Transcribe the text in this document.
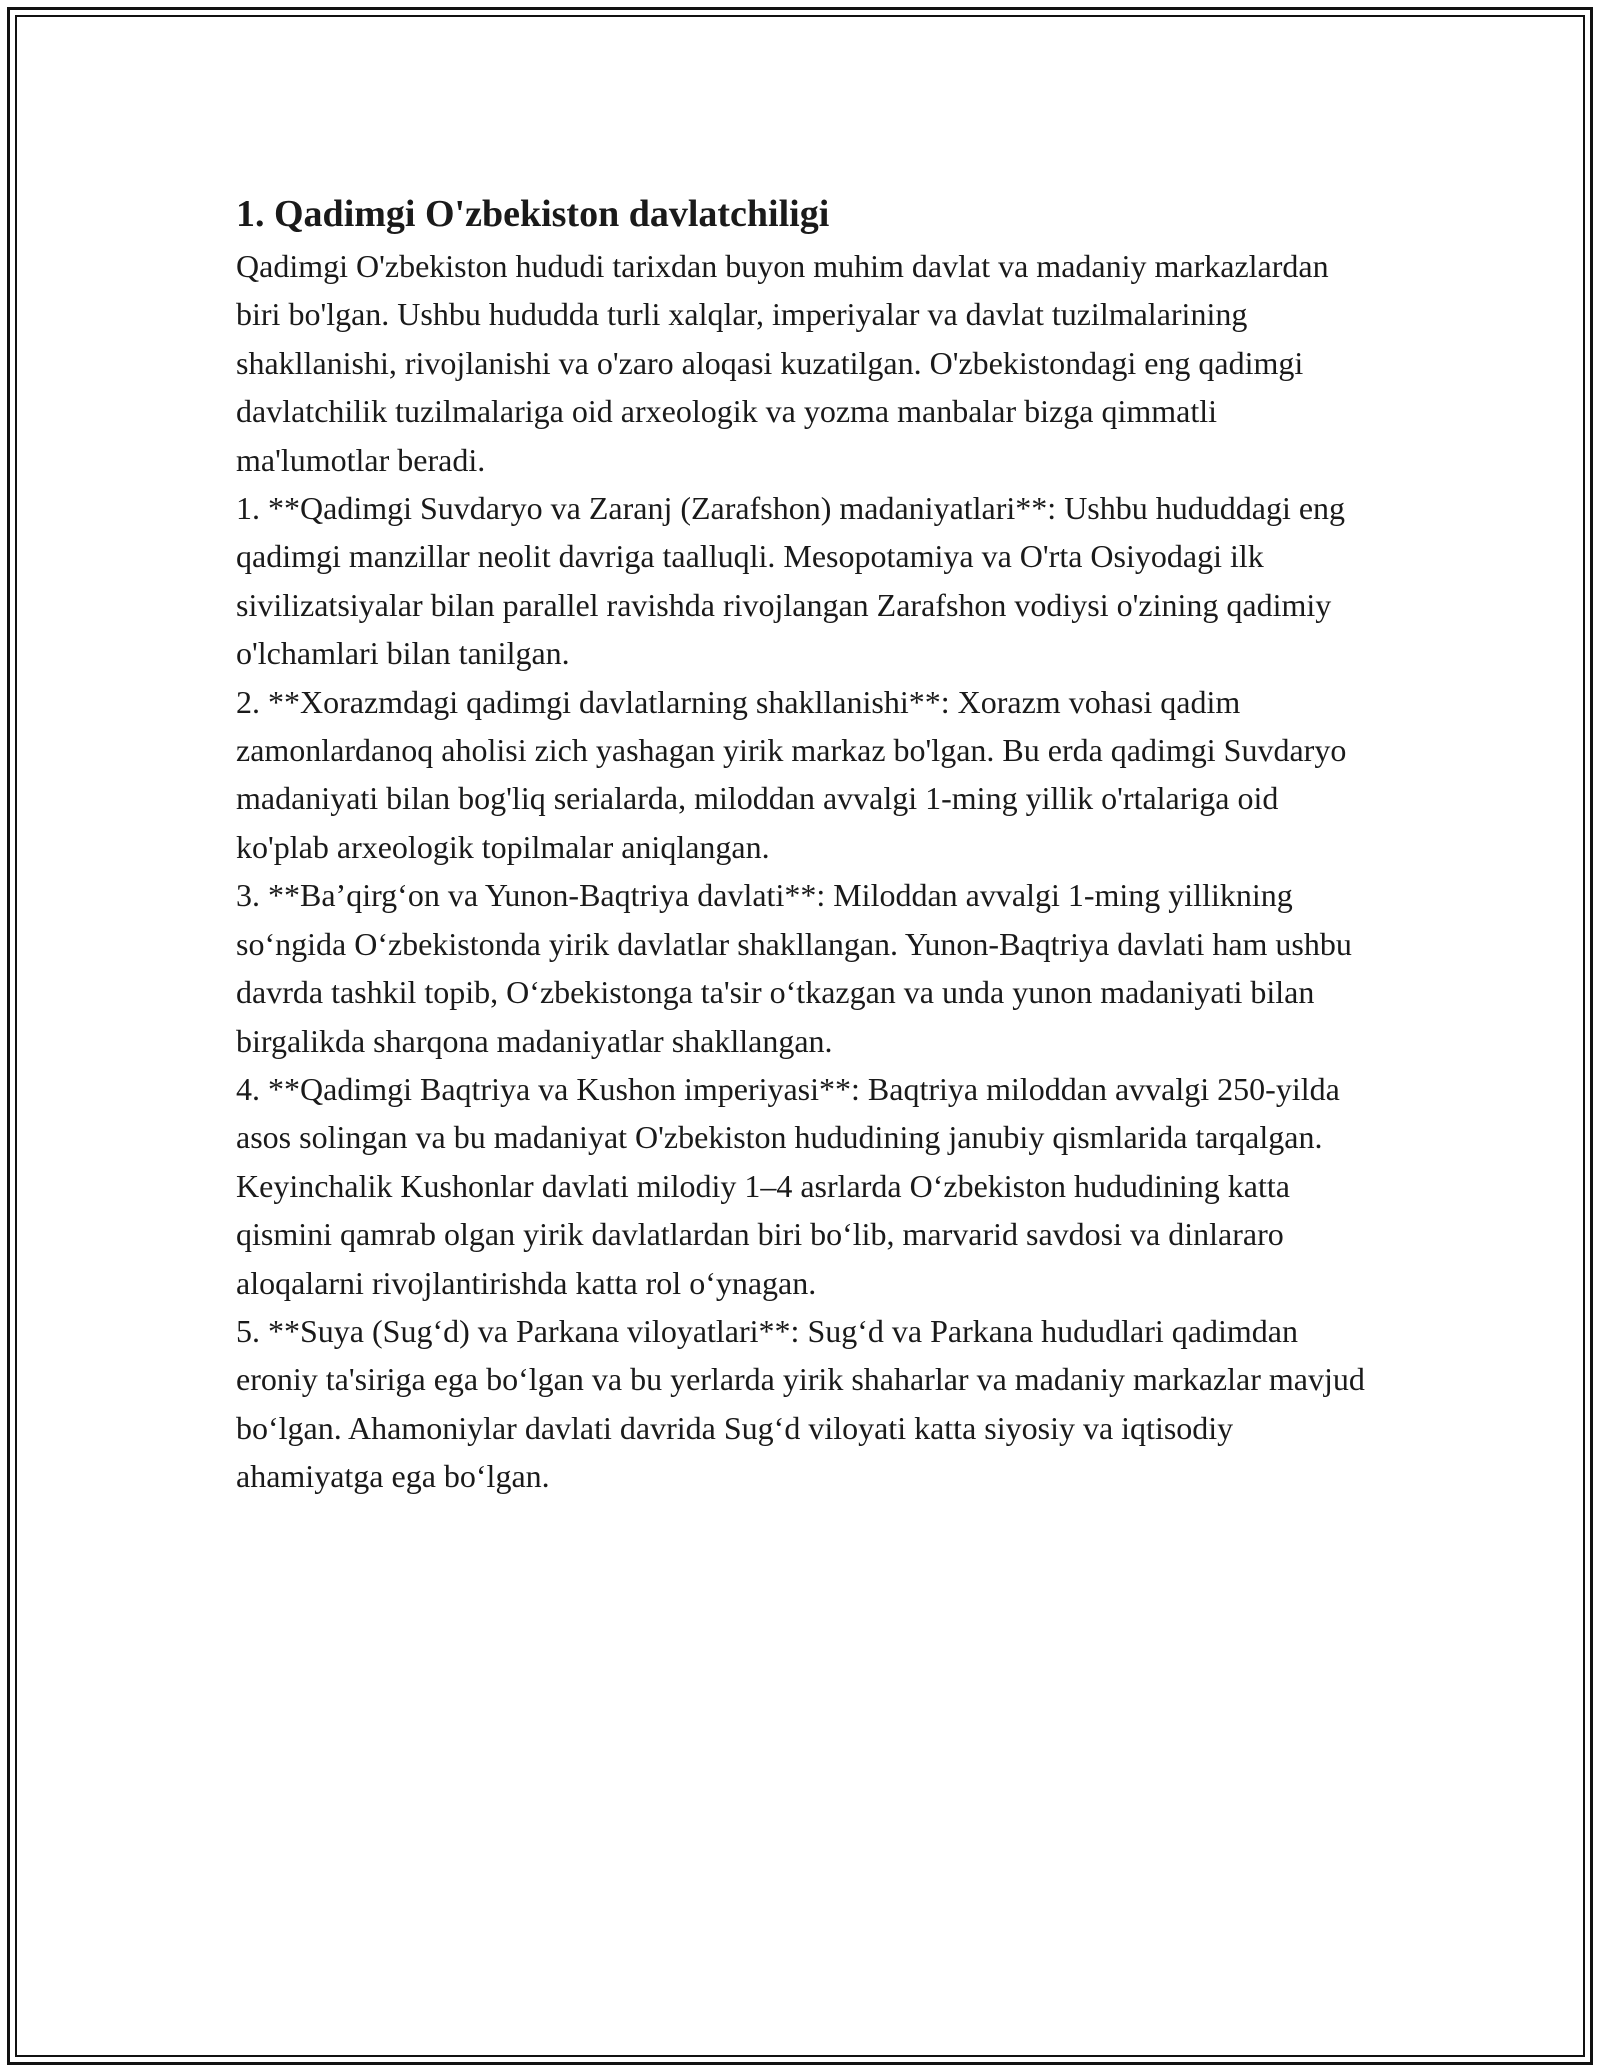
1. Qadimgi O'zbekiston davlatchiligi

Qadimgi O'zbekiston hududi tarixdan buyon muhim davlat va madaniy markazlardan biri bo'lgan. Ushbu hududda turli xalqlar, imperiyalar va davlat tuzilmalarining shakllanishi, rivojlanishi va o'zaro aloqasi kuzatilgan. O'zbekistondagi eng qadimgi davlatchilik tuzilmalariga oid arxeologik va yozma manbalar bizga qimmatli ma'lumotlar beradi.

1. **Qadimgi Suvdaryo va Zaranj (Zarafshon) madaniyatlari**: Ushbu hududdagi eng qadimgi manzillar neolit davriga taalluqli. Mesopotamiya va O'rta Osiyodagi ilk sivilizatsiyalar bilan parallel ravishda rivojlangan Zarafshon vodiysi o'zining qadimiy o'lchamlari bilan tanilgan.

2. **Xorazmdagi qadimgi davlatlarning shakllanishi**: Xorazm vohasi qadim zamonlardanoq aholisi zich yashagan yirik markaz bo'lgan. Bu erda qadimgi Suvdaryo madaniyati bilan bog'liq serialarda, miloddan avvalgi 1-ming yillik o'rtalariga oid ko'plab arxeologik topilmalar aniqlangan.

3. **Ba’qirg‘on va Yunon-Baqtriya davlati**: Miloddan avvalgi 1-ming yillikning so‘ngida O‘zbekistonda yirik davlatlar shakllangan. Yunon-Baqtriya davlati ham ushbu davrda tashkil topib, O‘zbekistonga ta'sir o‘tkazgan va unda yunon madaniyati bilan birgalikda sharqona madaniyatlar shakllangan.

4. **Qadimgi Baqtriya va Kushon imperiyasi**: Baqtriya miloddan avvalgi 250-yilda asos solingan va bu madaniyat O'zbekiston hududining janubiy qismlarida tarqalgan. Keyinchalik Kushonlar davlati milodiy 1–4 asrlarda O‘zbekiston hududining katta qismini qamrab olgan yirik davlatlardan biri bo‘lib, marvarid savdosi va dinlararo aloqalarni rivojlantirishda katta rol o‘ynagan.

5. **Suya (Sug‘d) va Parkana viloyatlari**: Sug‘d va Parkana hududlari qadimdan eroniy ta'siriga ega bo‘lgan va bu yerlarda yirik shaharlar va madaniy markazlar mavjud bo‘lgan. Ahamoniylar davlati davrida Sug‘d viloyati katta siyosiy va iqtisodiy ahamiyatga ega bo‘lgan.
